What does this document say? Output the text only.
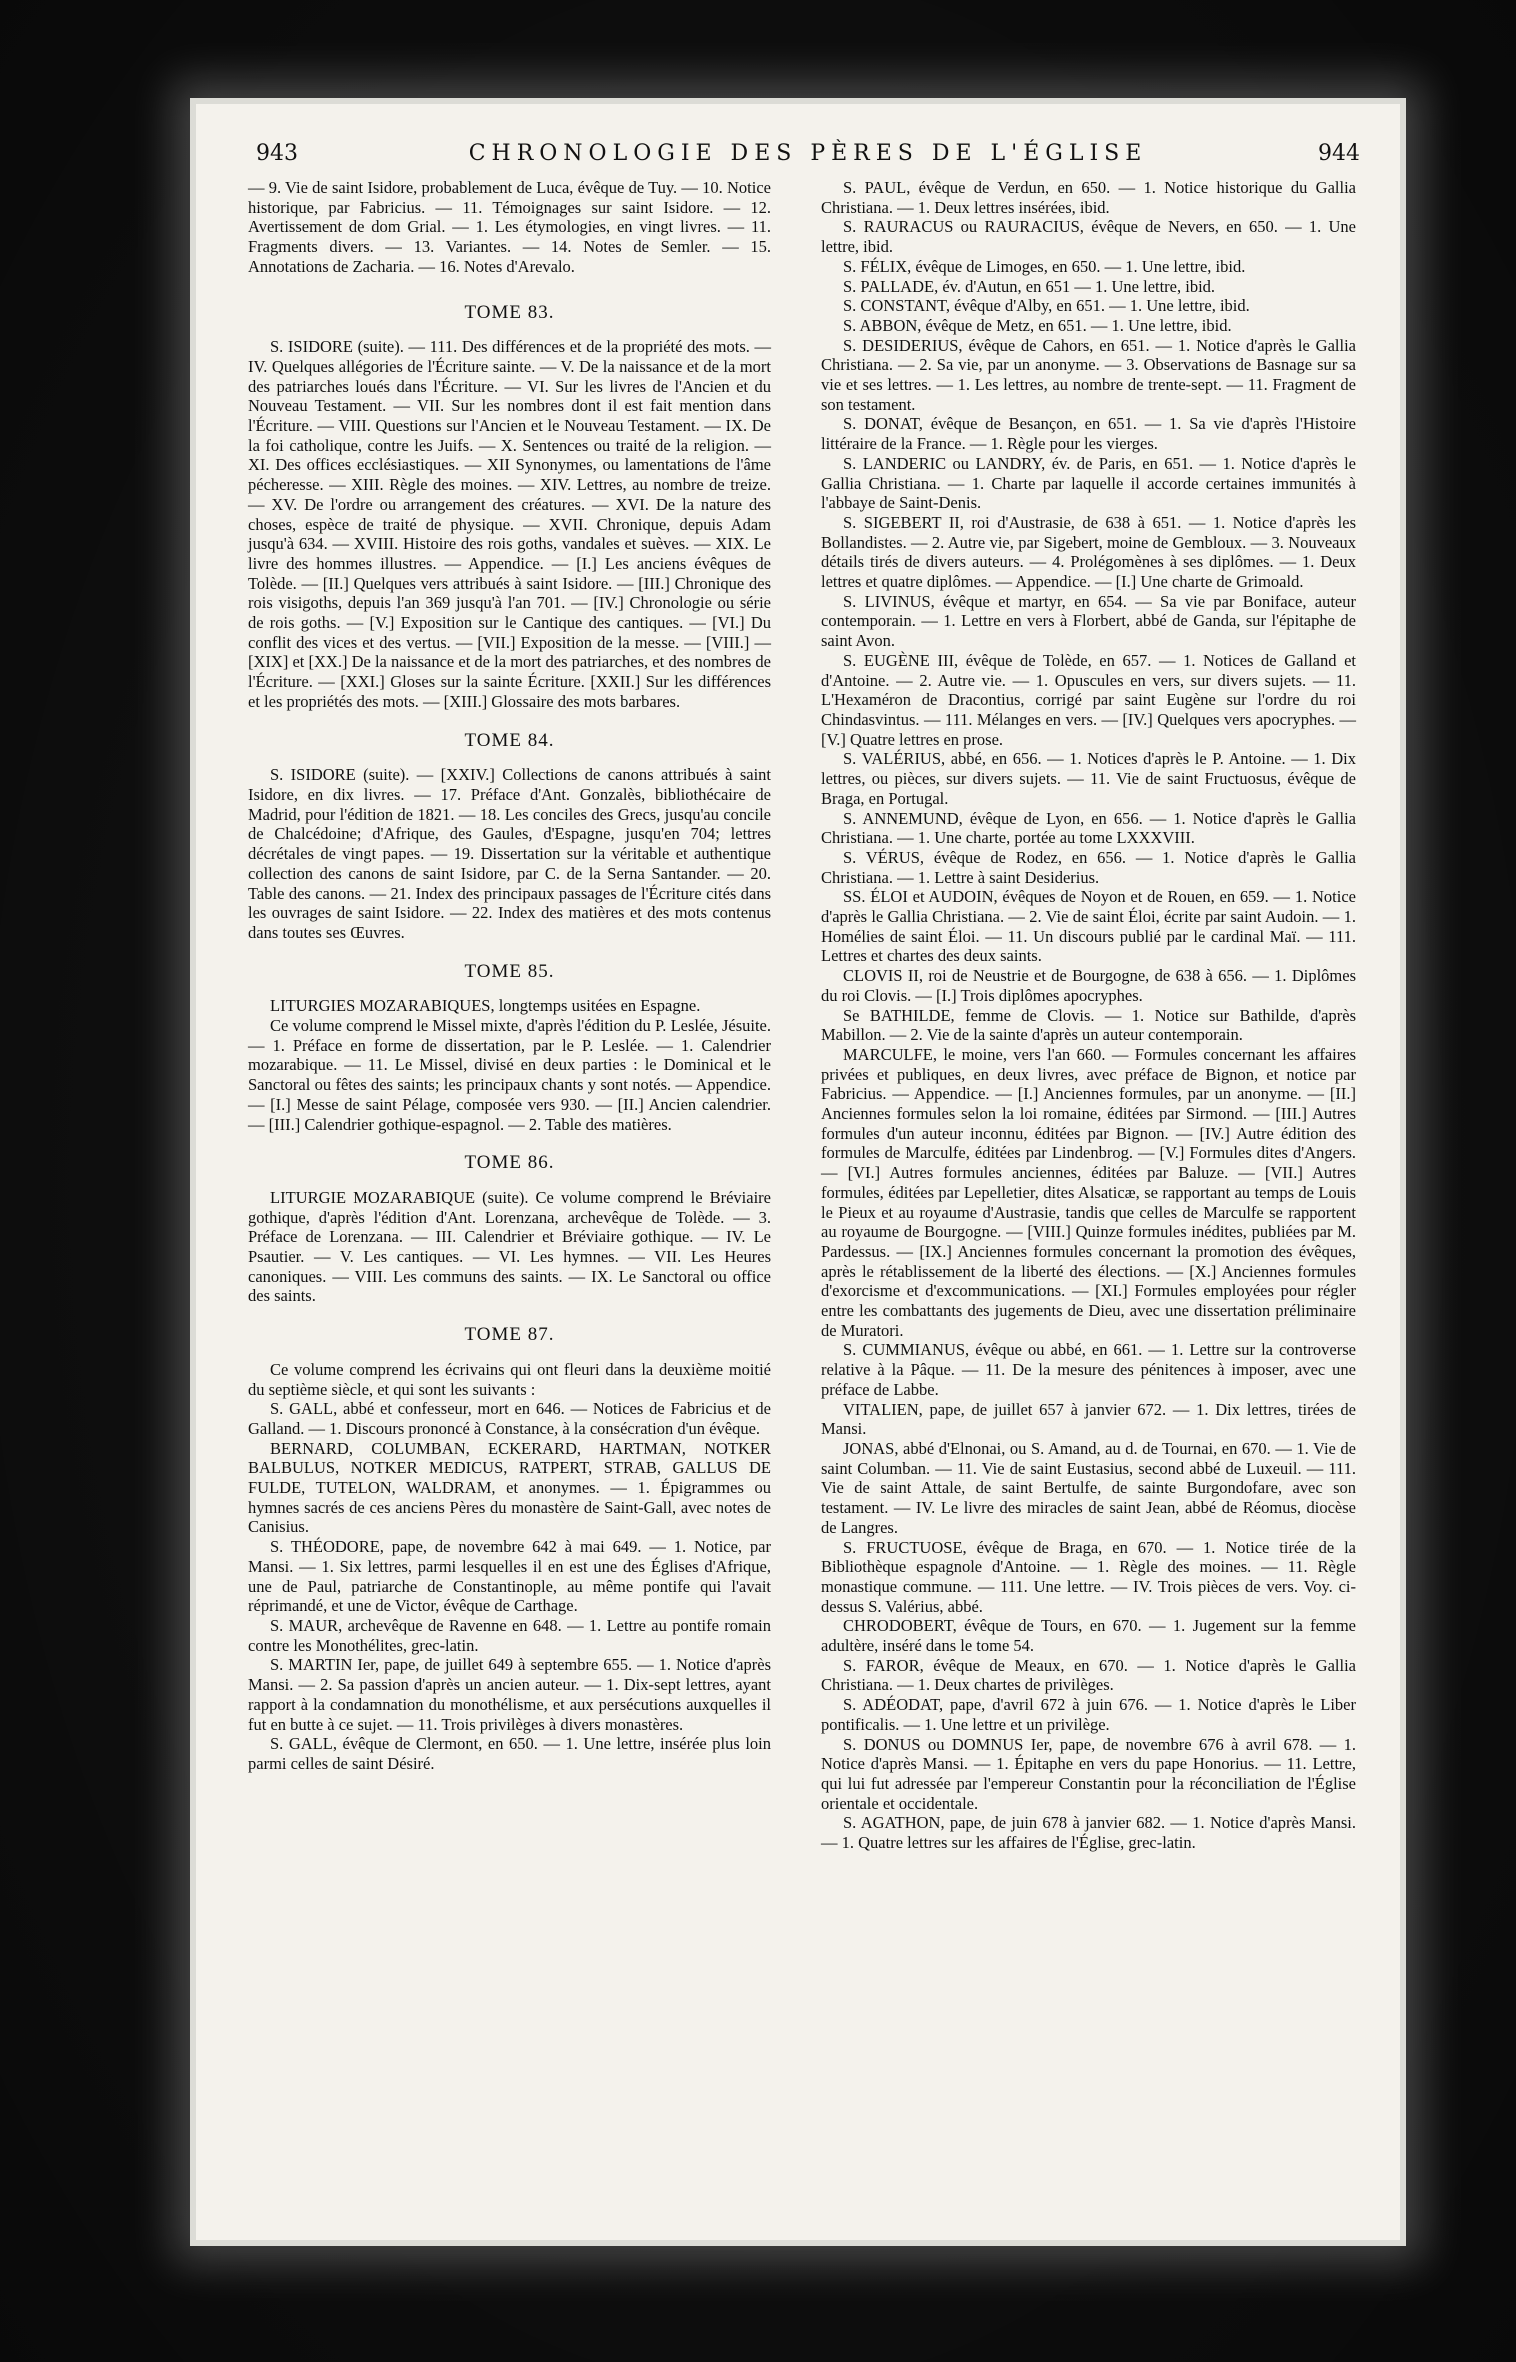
943	CHRONOLOGIE DES PÈRES DE L'ÉGLISE	944

— 9. Vie de saint Isidore, probablement de Luca, évêque de Tuy. — 10. Notice historique, par Fabricius. — 11. Témoignages sur saint Isidore. — 12. Avertissement de dom Grial. — 1. Les étymologies, en vingt livres. — 11. Fragments divers. — 13. Variantes. — 14. Notes de Semler. — 15. Annotations de Zacharia. — 16. Notes d'Arevalo.

TOME 83.

S. ISIDORE (suite). — 111. Des différences et de la propriété des mots. — IV. Quelques allégories de l'Écriture sainte. — V. De la naissance et de la mort des patriarches loués dans l'Écriture. — VI. Sur les livres de l'Ancien et du Nouveau Testament. — VII. Sur les nombres dont il est fait mention dans l'Écriture. — VIII. Questions sur l'Ancien et le Nouveau Testament. — IX. De la foi catholique, contre les Juifs. — X. Sentences ou traité de la religion. — XI. Des offices ecclésiastiques. — XII Synonymes, ou lamentations de l'âme pécheresse. — XIII. Règle des moines. — XIV. Lettres, au nombre de treize. — XV. De l'ordre ou arrangement des créatures. — XVI. De la nature des choses, espèce de traité de physique. — XVII. Chronique, depuis Adam jusqu'à 634. — XVIII. Histoire des rois goths, vandales et suèves. — XIX. Le livre des hommes illustres. — Appendice. — [I.] Les anciens évêques de Tolède. — [II.] Quelques vers attribués à saint Isidore. — [III.] Chronique des rois visigoths, depuis l'an 369 jusqu'à l'an 701. — [IV.] Chronologie ou série de rois goths. — [V.] Exposition sur le Cantique des cantiques. — [VI.] Du conflit des vices et des vertus. — [VII.] Exposition de la messe. — [VIII.] — [XIX] et [XX.] De la naissance et de la mort des patriarches, et des nombres de l'Écriture. — [XXI.] Gloses sur la sainte Écriture. [XXII.] Sur les différences et les propriétés des mots. — [XIII.] Glossaire des mots barbares.

TOME 84.

S. ISIDORE (suite). — [XXIV.] Collections de canons attribués à saint Isidore, en dix livres. — 17. Préface d'Ant. Gonzalès, bibliothécaire de Madrid, pour l'édition de 1821. — 18. Les conciles des Grecs, jusqu'au concile de Chalcédoine; d'Afrique, des Gaules, d'Espagne, jusqu'en 704; lettres décrétales de vingt papes. — 19. Dissertation sur la véritable et authentique collection des canons de saint Isidore, par C. de la Serna Santander. — 20. Table des canons. — 21. Index des principaux passages de l'Écriture cités dans les ouvrages de saint Isidore. — 22. Index des matières et des mots contenus dans toutes ses Œuvres.

TOME 85.

LITURGIES MOZARABIQUES, longtemps usitées en Espagne.

Ce volume comprend le Missel mixte, d'après l'édition du P. Leslée, Jésuite. — 1. Préface en forme de dissertation, par le P. Leslée. — 1. Calendrier mozarabique. — 11. Le Missel, divisé en deux parties : le Dominical et le Sanctoral ou fêtes des saints; les principaux chants y sont notés. — Appendice. — [I.] Messe de saint Pélage, composée vers 930. — [II.] Ancien calendrier. — [III.] Calendrier gothique-espagnol. — 2. Table des matières.

TOME 86.

LITURGIE MOZARABIQUE (suite). Ce volume comprend le Bréviaire gothique, d'après l'édition d'Ant. Lorenzana, archevêque de Tolède. — 3. Préface de Lorenzana. — III. Calendrier et Bréviaire gothique. — IV. Le Psautier. — V. Les cantiques. — VI. Les hymnes. — VII. Les Heures canoniques. — VIII. Les communs des saints. — IX. Le Sanctoral ou office des saints.

TOME 87.

Ce volume comprend les écrivains qui ont fleuri dans la deuxième moitié du septième siècle, et qui sont les suivants :

S. GALL, abbé et confesseur, mort en 646. — Notices de Fabricius et de Galland. — 1. Discours prononcé à Constance, à la consécration d'un évêque.

BERNARD, COLUMBAN, ECKERARD, HARTMAN, NOTKER BALBULUS, NOTKER MEDICUS, RATPERT, STRAB, GALLUS DE FULDE, TUTELON, WALDRAM, et anonymes. — 1. Épigrammes ou hymnes sacrés de ces anciens Pères du monastère de Saint-Gall, avec notes de Canisius.

S. THÉODORE, pape, de novembre 642 à mai 649. — 1. Notice, par Mansi. — 1. Six lettres, parmi lesquelles il en est une des Églises d'Afrique, une de Paul, patriarche de Constantinople, au même pontife qui l'avait réprimandé, et une de Victor, évêque de Carthage.

S. MAUR, archevêque de Ravenne en 648. — 1. Lettre au pontife romain contre les Monothélites, grec-latin.

S. MARTIN Ier, pape, de juillet 649 à septembre 655. — 1. Notice d'après Mansi. — 2. Sa passion d'après un ancien auteur. — 1. Dix-sept lettres, ayant rapport à la condamnation du monothélisme, et aux persécutions auxquelles il fut en butte à ce sujet. — 11. Trois privilèges à divers monastères.

S. GALL, évêque de Clermont, en 650. — 1. Une lettre, insérée plus loin parmi celles de saint Désiré.

S. PAUL, évêque de Verdun, en 650. — 1. Notice historique du Gallia Christiana. — 1. Deux lettres insérées, ibid.

S. RAURACUS ou RAURACIUS, évêque de Nevers, en 650. — 1. Une lettre, ibid.

S. FÉLIX, évêque de Limoges, en 650. — 1. Une lettre, ibid.

S. PALLADE, év. d'Autun, en 651 — 1. Une lettre, ibid.

S. CONSTANT, évêque d'Alby, en 651. — 1. Une lettre, ibid.

S. ABBON, évêque de Metz, en 651. — 1. Une lettre, ibid.

S. DESIDERIUS, évêque de Cahors, en 651. — 1. Notice d'après le Gallia Christiana. — 2. Sa vie, par un anonyme. — 3. Observations de Basnage sur sa vie et ses lettres. — 1. Les lettres, au nombre de trente-sept. — 11. Fragment de son testament.

S. DONAT, évêque de Besançon, en 651. — 1. Sa vie d'après l'Histoire littéraire de la France. — 1. Règle pour les vierges.

S. LANDERIC ou LANDRY, év. de Paris, en 651. — 1. Notice d'après le Gallia Christiana. — 1. Charte par laquelle il accorde certaines immunités à l'abbaye de Saint-Denis.

S. SIGEBERT II, roi d'Austrasie, de 638 à 651. — 1. Notice d'après les Bollandistes. — 2. Autre vie, par Sigebert, moine de Gembloux. — 3. Nouveaux détails tirés de divers auteurs. — 4. Prolégomènes à ses diplômes. — 1. Deux lettres et quatre diplômes. — Appendice. — [I.] Une charte de Grimoald.

S. LIVINUS, évêque et martyr, en 654. — Sa vie par Boniface, auteur contemporain. — 1. Lettre en vers à Florbert, abbé de Ganda, sur l'épitaphe de saint Avon.

S. EUGÈNE III, évêque de Tolède, en 657. — 1. Notices de Galland et d'Antoine. — 2. Autre vie. — 1. Opuscules en vers, sur divers sujets. — 11. L'Hexaméron de Dracontius, corrigé par saint Eugène sur l'ordre du roi Chindasvintus. — 111. Mélanges en vers. — [IV.] Quelques vers apocryphes. — [V.] Quatre lettres en prose.

S. VALÉRIUS, abbé, en 656. — 1. Notices d'après le P. Antoine. — 1. Dix lettres, ou pièces, sur divers sujets. — 11. Vie de saint Fructuosus, évêque de Braga, en Portugal.

S. ANNEMUND, évêque de Lyon, en 656. — 1. Notice d'après le Gallia Christiana. — 1. Une charte, portée au tome LXXXVIII.

S. VÉRUS, évêque de Rodez, en 656. — 1. Notice d'après le Gallia Christiana. — 1. Lettre à saint Desiderius.

SS. ÉLOI et AUDOIN, évêques de Noyon et de Rouen, en 659. — 1. Notice d'après le Gallia Christiana. — 2. Vie de saint Éloi, écrite par saint Audoin. — 1. Homélies de saint Éloi. — 11. Un discours publié par le cardinal Maï. — 111. Lettres et chartes des deux saints.

CLOVIS II, roi de Neustrie et de Bourgogne, de 638 à 656. — 1. Diplômes du roi Clovis. — [I.] Trois diplômes apocryphes.

Se BATHILDE, femme de Clovis. — 1. Notice sur Bathilde, d'après Mabillon. — 2. Vie de la sainte d'après un auteur contemporain.

MARCULFE, le moine, vers l'an 660. — Formules concernant les affaires privées et publiques, en deux livres, avec préface de Bignon, et notice par Fabricius. — Appendice. — [I.] Anciennes formules, par un anonyme. — [II.] Anciennes formules selon la loi romaine, éditées par Sirmond. — [III.] Autres formules d'un auteur inconnu, éditées par Bignon. — [IV.] Autre édition des formules de Marculfe, éditées par Lindenbrog. — [V.] Formules dites d'Angers. — [VI.] Autres formules anciennes, éditées par Baluze. — [VII.] Autres formules, éditées par Lepelletier, dites Alsaticæ, se rapportant au temps de Louis le Pieux et au royaume d'Austrasie, tandis que celles de Marculfe se rapportent au royaume de Bourgogne. — [VIII.] Quinze formules inédites, publiées par M. Pardessus. — [IX.] Anciennes formules concernant la promotion des évêques, après le rétablissement de la liberté des élections. — [X.] Anciennes formules d'exorcisme et d'excommunications. — [XI.] Formules employées pour régler entre les combattants des jugements de Dieu, avec une dissertation préliminaire de Muratori.

S. CUMMIANUS, évêque ou abbé, en 661. — 1. Lettre sur la controverse relative à la Pâque. — 11. De la mesure des pénitences à imposer, avec une préface de Labbe.

VITALIEN, pape, de juillet 657 à janvier 672. — 1. Dix lettres, tirées de Mansi.

JONAS, abbé d'Elnonai, ou S. Amand, au d. de Tournai, en 670. — 1. Vie de saint Columban. — 11. Vie de saint Eustasius, second abbé de Luxeuil. — 111. Vie de saint Attale, de saint Bertulfe, de sainte Burgondofare, avec son testament. — IV. Le livre des miracles de saint Jean, abbé de Réomus, diocèse de Langres.

S. FRUCTUOSE, évêque de Braga, en 670. — 1. Notice tirée de la Bibliothèque espagnole d'Antoine. — 1. Règle des moines. — 11. Règle monastique commune. — 111. Une lettre. — IV. Trois pièces de vers. Voy. ci-dessus S. Valérius, abbé.

CHRODOBERT, évêque de Tours, en 670. — 1. Jugement sur la femme adultère, inséré dans le tome 54.

S. FAROR, évêque de Meaux, en 670. — 1. Notice d'après le Gallia Christiana. — 1. Deux chartes de privilèges.

S. ADÉODAT, pape, d'avril 672 à juin 676. — 1. Notice d'après le Liber pontificalis. — 1. Une lettre et un privilège.

S. DONUS ou DOMNUS Ier, pape, de novembre 676 à avril 678. — 1. Notice d'après Mansi. — 1. Épitaphe en vers du pape Honorius. — 11. Lettre, qui lui fut adressée par l'empereur Constantin pour la réconciliation de l'Église orientale et occidentale.

S. AGATHON, pape, de juin 678 à janvier 682. — 1. Notice d'après Mansi. — 1. Quatre lettres sur les affaires de l'Église, grec-latin.
